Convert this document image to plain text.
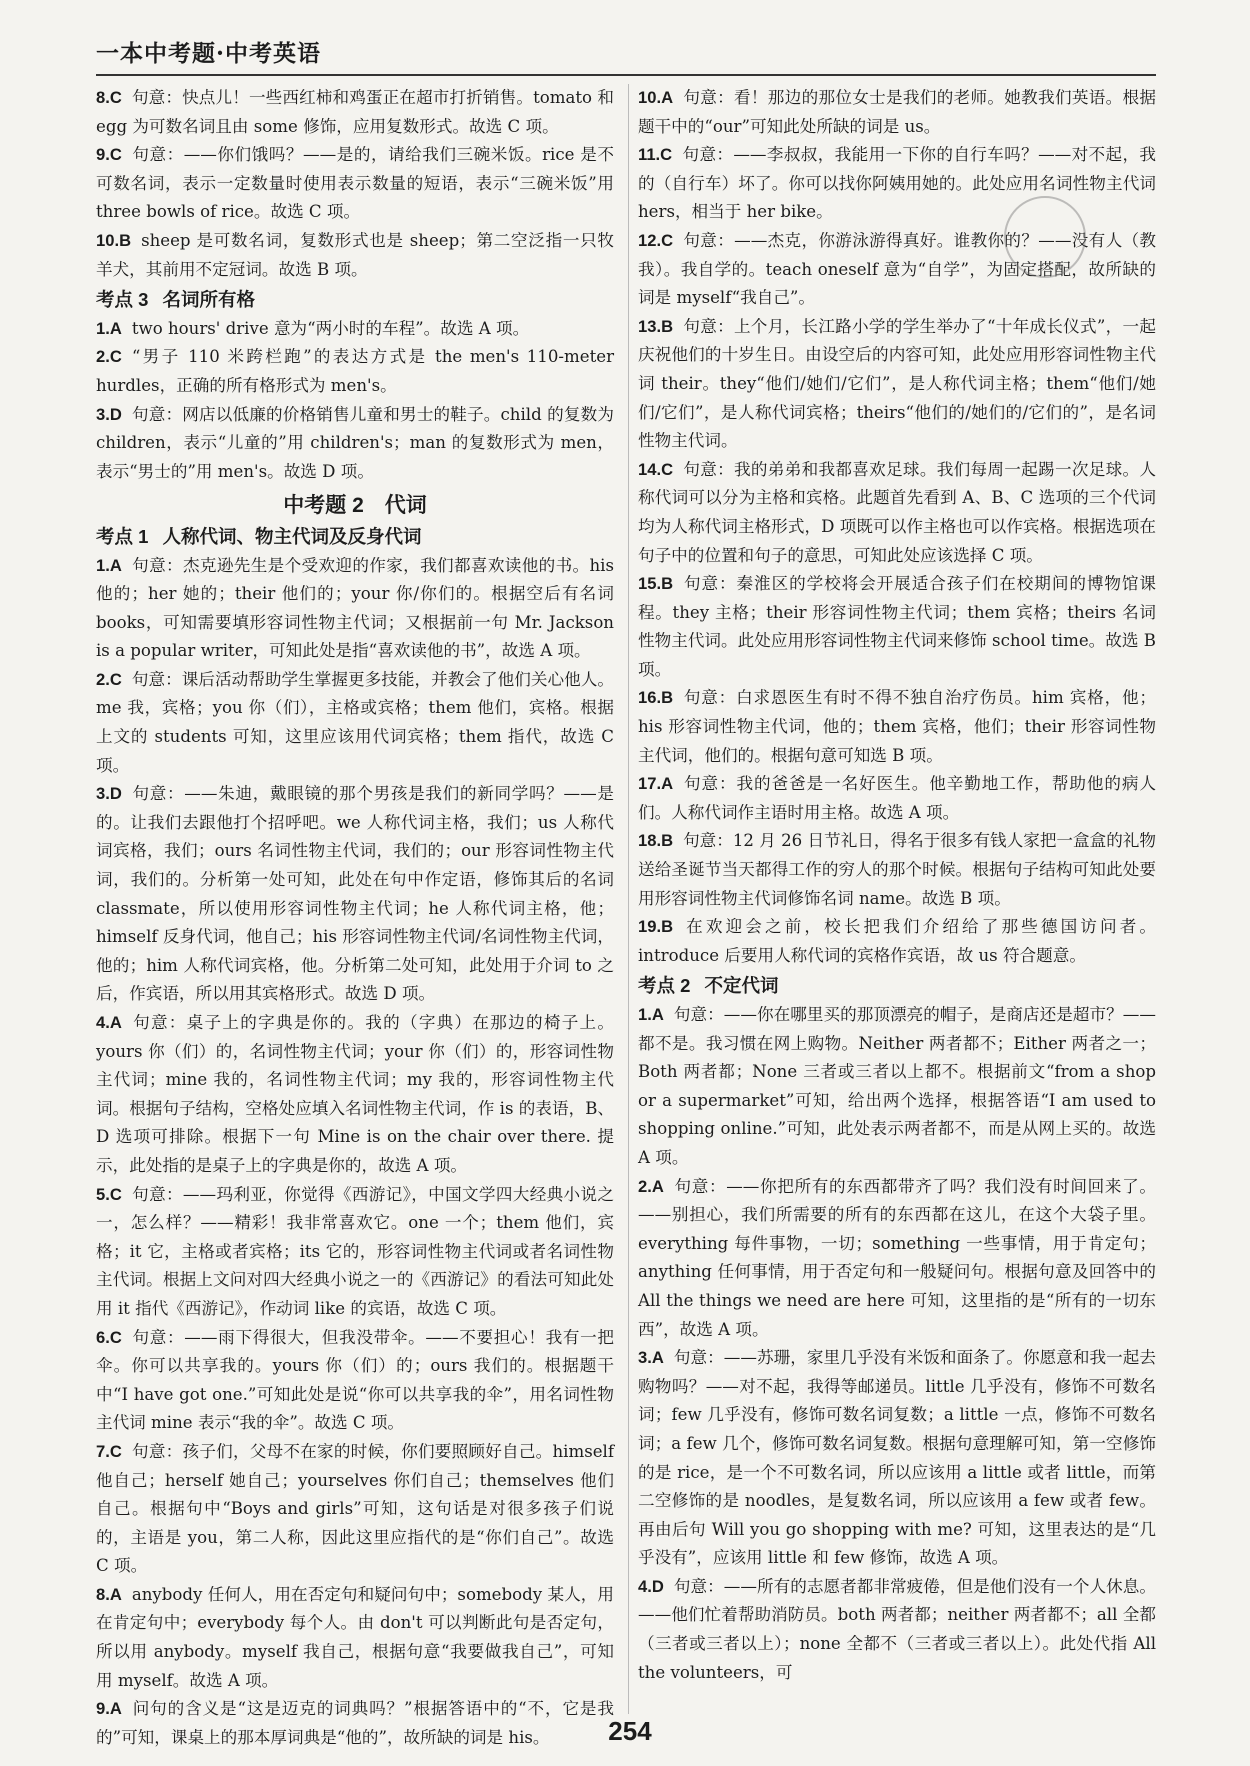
一本中考题·中考英语

8.C 句意：快点儿！一些西红柿和鸡蛋正在超市打折销售。tomato 和 egg 为可数名词且由 some 修饰，应用复数形式。故选 C 项。

9.C 句意：——你们饿吗？——是的，请给我们三碗米饭。rice 是不可数名词，表示一定数量时使用表示数量的短语，表示“三碗米饭”用 three bowls of rice。故选 C 项。

10.B sheep 是可数名词，复数形式也是 sheep；第二空泛指一只牧羊犬，其前用不定冠词。故选 B 项。

考点 3 名词所有格

1.A two hours' drive 意为“两小时的车程”。故选 A 项。

2.C “男子 110 米跨栏跑”的表达方式是 the men's 110-meter hurdles，正确的所有格形式为 men's。

3.D 句意：网店以低廉的价格销售儿童和男士的鞋子。child 的复数为 children，表示“儿童的”用 children's；man 的复数形式为 men，表示“男士的”用 men's。故选 D 项。

中考题 2　代词
考点 1 人称代词、物主代词及反身代词

1.A 句意：杰克逊先生是个受欢迎的作家，我们都喜欢读他的书。his 他的；her 她的；their 他们的；your 你/你们的。根据空后有名词 books，可知需要填形容词性物主代词；又根据前一句 Mr. Jackson is a popular writer，可知此处是指“喜欢读他的书”，故选 A 项。

2.C 句意：课后活动帮助学生掌握更多技能，并教会了他们关心他人。me 我，宾格；you 你（们），主格或宾格；them 他们，宾格。根据上文的 students 可知，这里应该用代词宾格；them 指代，故选 C 项。

3.D 句意：——朱迪，戴眼镜的那个男孩是我们的新同学吗？——是的。让我们去跟他打个招呼吧。we 人称代词主格，我们；us 人称代词宾格，我们；ours 名词性物主代词，我们的；our 形容词性物主代词，我们的。分析第一处可知，此处在句中作定语，修饰其后的名词 classmate，所以使用形容词性物主代词；he 人称代词主格，他；himself 反身代词，他自己；his 形容词性物主代词/名词性物主代词，他的；him 人称代词宾格，他。分析第二处可知，此处用于介词 to 之后，作宾语，所以用其宾格形式。故选 D 项。

4.A 句意：桌子上的字典是你的。我的（字典）在那边的椅子上。yours 你（们）的，名词性物主代词；your 你（们）的，形容词性物主代词；mine 我的，名词性物主代词；my 我的，形容词性物主代词。根据句子结构，空格处应填入名词性物主代词，作 is 的表语，B、D 选项可排除。根据下一句 Mine is on the chair over there. 提示，此处指的是桌子上的字典是你的，故选 A 项。

5.C 句意：——玛利亚，你觉得《西游记》，中国文学四大经典小说之一，怎么样？——精彩！我非常喜欢它。one 一个；them 他们，宾格；it 它，主格或者宾格；its 它的，形容词性物主代词或者名词性物主代词。根据上文问对四大经典小说之一的《西游记》的看法可知此处用 it 指代《西游记》，作动词 like 的宾语，故选 C 项。

6.C 句意：——雨下得很大，但我没带伞。——不要担心！我有一把伞。你可以共享我的。yours 你（们）的；ours 我们的。根据题干中“I have got one.”可知此处是说“你可以共享我的伞”，用名词性物主代词 mine 表示“我的伞”。故选 C 项。

7.C 句意：孩子们，父母不在家的时候，你们要照顾好自己。himself 他自己；herself 她自己；yourselves 你们自己；themselves 他们自己。根据句中“Boys and girls”可知，这句话是对很多孩子们说的，主语是 you，第二人称，因此这里应指代的是“你们自己”。故选 C 项。

8.A anybody 任何人，用在否定句和疑问句中；somebody 某人，用在肯定句中；everybody 每个人。由 don't 可以判断此句是否定句，所以用 anybody。myself 我自己，根据句意“我要做我自己”，可知用 myself。故选 A 项。

9.A 问句的含义是“这是迈克的词典吗？”根据答语中的“不，它是我的”可知，课桌上的那本厚词典是“他的”，故所缺的词是 his。

10.A 句意：看！那边的那位女士是我们的老师。她教我们英语。根据题干中的“our”可知此处所缺的词是 us。

11.C 句意：——李叔叔，我能用一下你的自行车吗？——对不起，我的（自行车）坏了。你可以找你阿姨用她的。此处应用名词性物主代词 hers，相当于 her bike。

12.C 句意：——杰克，你游泳游得真好。谁教你的？——没有人（教我）。我自学的。teach oneself 意为“自学”，为固定搭配，故所缺的词是 myself“我自己”。

13.B 句意：上个月，长江路小学的学生举办了“十年成长仪式”，一起庆祝他们的十岁生日。由设空后的内容可知，此处应用形容词性物主代词 their。they“他们/她们/它们”，是人称代词主格；them“他们/她们/它们”，是人称代词宾格；theirs“他们的/她们的/它们的”，是名词性物主代词。

14.C 句意：我的弟弟和我都喜欢足球。我们每周一起踢一次足球。人称代词可以分为主格和宾格。此题首先看到 A、B、C 选项的三个代词均为人称代词主格形式，D 项既可以作主格也可以作宾格。根据选项在句子中的位置和句子的意思，可知此处应该选择 C 项。

15.B 句意：秦淮区的学校将会开展适合孩子们在校期间的博物馆课程。they 主格；their 形容词性物主代词；them 宾格；theirs 名词性物主代词。此处应用形容词性物主代词来修饰 school time。故选 B 项。

16.B 句意：白求恩医生有时不得不独自治疗伤员。him 宾格，他；his 形容词性物主代词，他的；them 宾格，他们；their 形容词性物主代词，他们的。根据句意可知选 B 项。

17.A 句意：我的爸爸是一名好医生。他辛勤地工作，帮助他的病人们。人称代词作主语时用主格。故选 A 项。

18.B 句意：12 月 26 日节礼日，得名于很多有钱人家把一盒盒的礼物送给圣诞节当天都得工作的穷人的那个时候。根据句子结构可知此处要用形容词性物主代词修饰名词 name。故选 B 项。

19.B 在欢迎会之前，校长把我们介绍给了那些德国访问者。introduce 后要用人称代词的宾格作宾语，故 us 符合题意。

考点 2 不定代词

1.A 句意：——你在哪里买的那顶漂亮的帽子，是商店还是超市？——都不是。我习惯在网上购物。Neither 两者都不；Either 两者之一；Both 两者都；None 三者或三者以上都不。根据前文“from a shop or a supermarket”可知，给出两个选择，根据答语“I am used to shopping online.”可知，此处表示两者都不，而是从网上买的。故选 A 项。

2.A 句意：——你把所有的东西都带齐了吗？我们没有时间回来了。——别担心，我们所需要的所有的东西都在这儿，在这个大袋子里。everything 每件事物，一切；something 一些事情，用于肯定句；anything 任何事情，用于否定句和一般疑问句。根据句意及回答中的 All the things we need are here 可知，这里指的是“所有的一切东西”，故选 A 项。

3.A 句意：——苏珊，家里几乎没有米饭和面条了。你愿意和我一起去购物吗？——对不起，我得等邮递员。little 几乎没有，修饰不可数名词；few 几乎没有，修饰可数名词复数；a little 一点，修饰不可数名词；a few 几个，修饰可数名词复数。根据句意理解可知，第一空修饰的是 rice，是一个不可数名词，所以应该用 a little 或者 little，而第二空修饰的是 noodles，是复数名词，所以应该用 a few 或者 few。再由后句 Will you go shopping with me? 可知，这里表达的是“几乎没有”，应该用 little 和 few 修饰，故选 A 项。

4.D 句意：——所有的志愿者都非常疲倦，但是他们没有一个人休息。——他们忙着帮助消防员。both 两者都；neither 两者都不；all 全都（三者或三者以上）；none 全都不（三者或三者以上）。此处代指 All the volunteers，可

254
